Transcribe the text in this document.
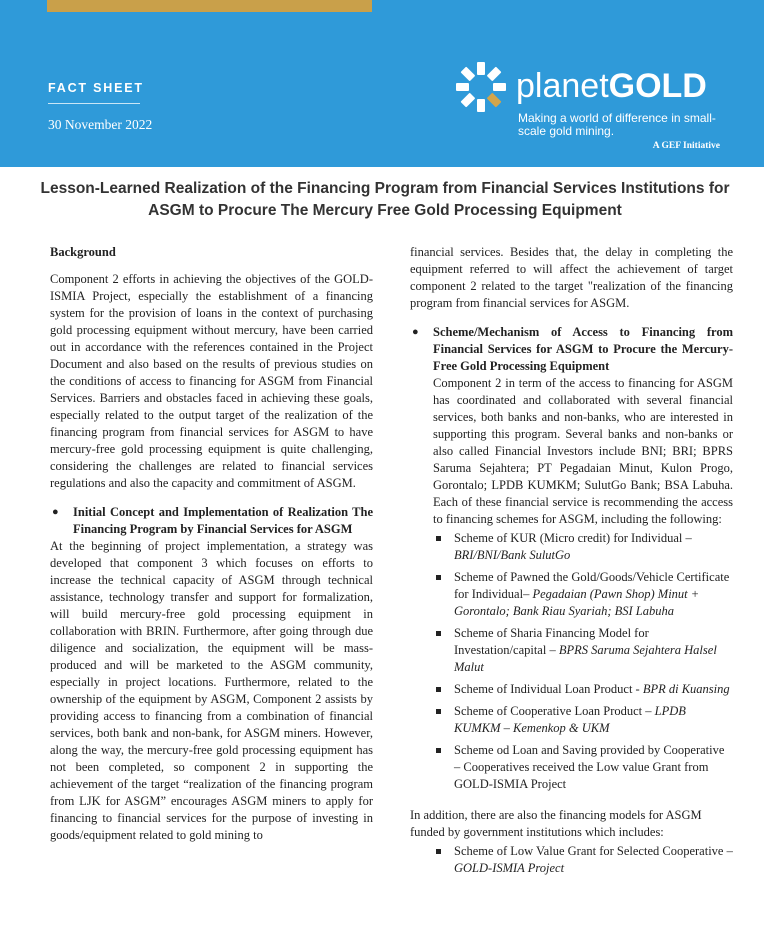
FACT SHEET
30 November 2022
planetGOLD
Making a world of difference in small-scale gold mining.
A GEF Initiative
Lesson-Learned Realization of the Financing Program from Financial Services Institutions for ASGM to Procure The Mercury Free Gold Processing Equipment

Background

Component 2 efforts in achieving the objectives of the GOLD-ISMIA Project, especially the establishment of a financing system for the provision of loans in the context of purchasing gold processing equipment without mercury, have been carried out in accordance with the references contained in the Project Document and also based on the results of previous studies on the conditions of access to financing for ASGM from Financial Services. Barriers and obstacles faced in achieving these goals, especially related to the output target of the realization of the financing program from financial services for ASGM to have mercury-free gold processing equipment is quite challenging, considering the challenges are related to financial services regulations and also the capacity and commitment of ASGM.

● Initial Concept and Implementation of Realization The Financing Program by Financial Services for ASGM

At the beginning of project implementation, a strategy was developed that component 3 which focuses on efforts to increase the technical capacity of ASGM through technical assistance, technology transfer and support for formalization, will build mercury-free gold processing equipment in collaboration with BRIN. Furthermore, after going through due diligence and socialization, the equipment will be mass-produced and will be marketed to the ASGM community, especially in project locations. Furthermore, related to the ownership of the equipment by ASGM, Component 2 assists by providing access to financing from a combination of financial services, both bank and non-bank, for ASGM miners. However, along the way, the mercury-free gold processing equipment has not been completed, so component 2 in supporting the achievement of the target “realization of the financing program from LJK for ASGM” encourages ASGM miners to apply for financing to financial services for the purpose of investing in goods/equipment related to gold mining to

financial services. Besides that, the delay in completing the equipment referred to will affect the achievement of target component 2 related to the target "realization of the financing program from financial services for ASGM.

● Scheme/Mechanism of Access to Financing from Financial Services for ASGM to Procure the Mercury-Free Gold Processing Equipment

Component 2 in term of the access to financing for ASGM has coordinated and collaborated with several financial services, both banks and non-banks, who are interested in supporting this program. Several banks and non-banks or also called Financial Investors include BNI; BRI; BPRS Saruma Sejahtera; PT Pegadaian Minut, Kulon Progo, Gorontalo; LPDB KUMKM; SulutGo Bank; BSA Labuha. Each of these financial service is recommending the access to financing schemes for ASGM, including the following:

Scheme of KUR (Micro credit) for Individual – BRI/BNI/Bank SulutGo
Scheme of Pawned the Gold/Goods/Vehicle Certificate for Individual– Pegadaian (Pawn Shop) Minut + Gorontalo; Bank Riau Syariah; BSI Labuha
Scheme of Sharia Financing Model for Investation/capital – BPRS Saruma Sejahtera Halsel Malut
Scheme of Individual Loan Product - BPR di Kuansing
Scheme of Cooperative Loan Product – LPDB KUMKM – Kemenkop & UKM
Scheme od Loan and Saving provided by Cooperative – Cooperatives received the Low value Grant from GOLD-ISMIA Project

In addition, there are also the financing models for ASGM funded by government institutions which includes:

Scheme of Low Value Grant for Selected Cooperative – GOLD-ISMIA Project
